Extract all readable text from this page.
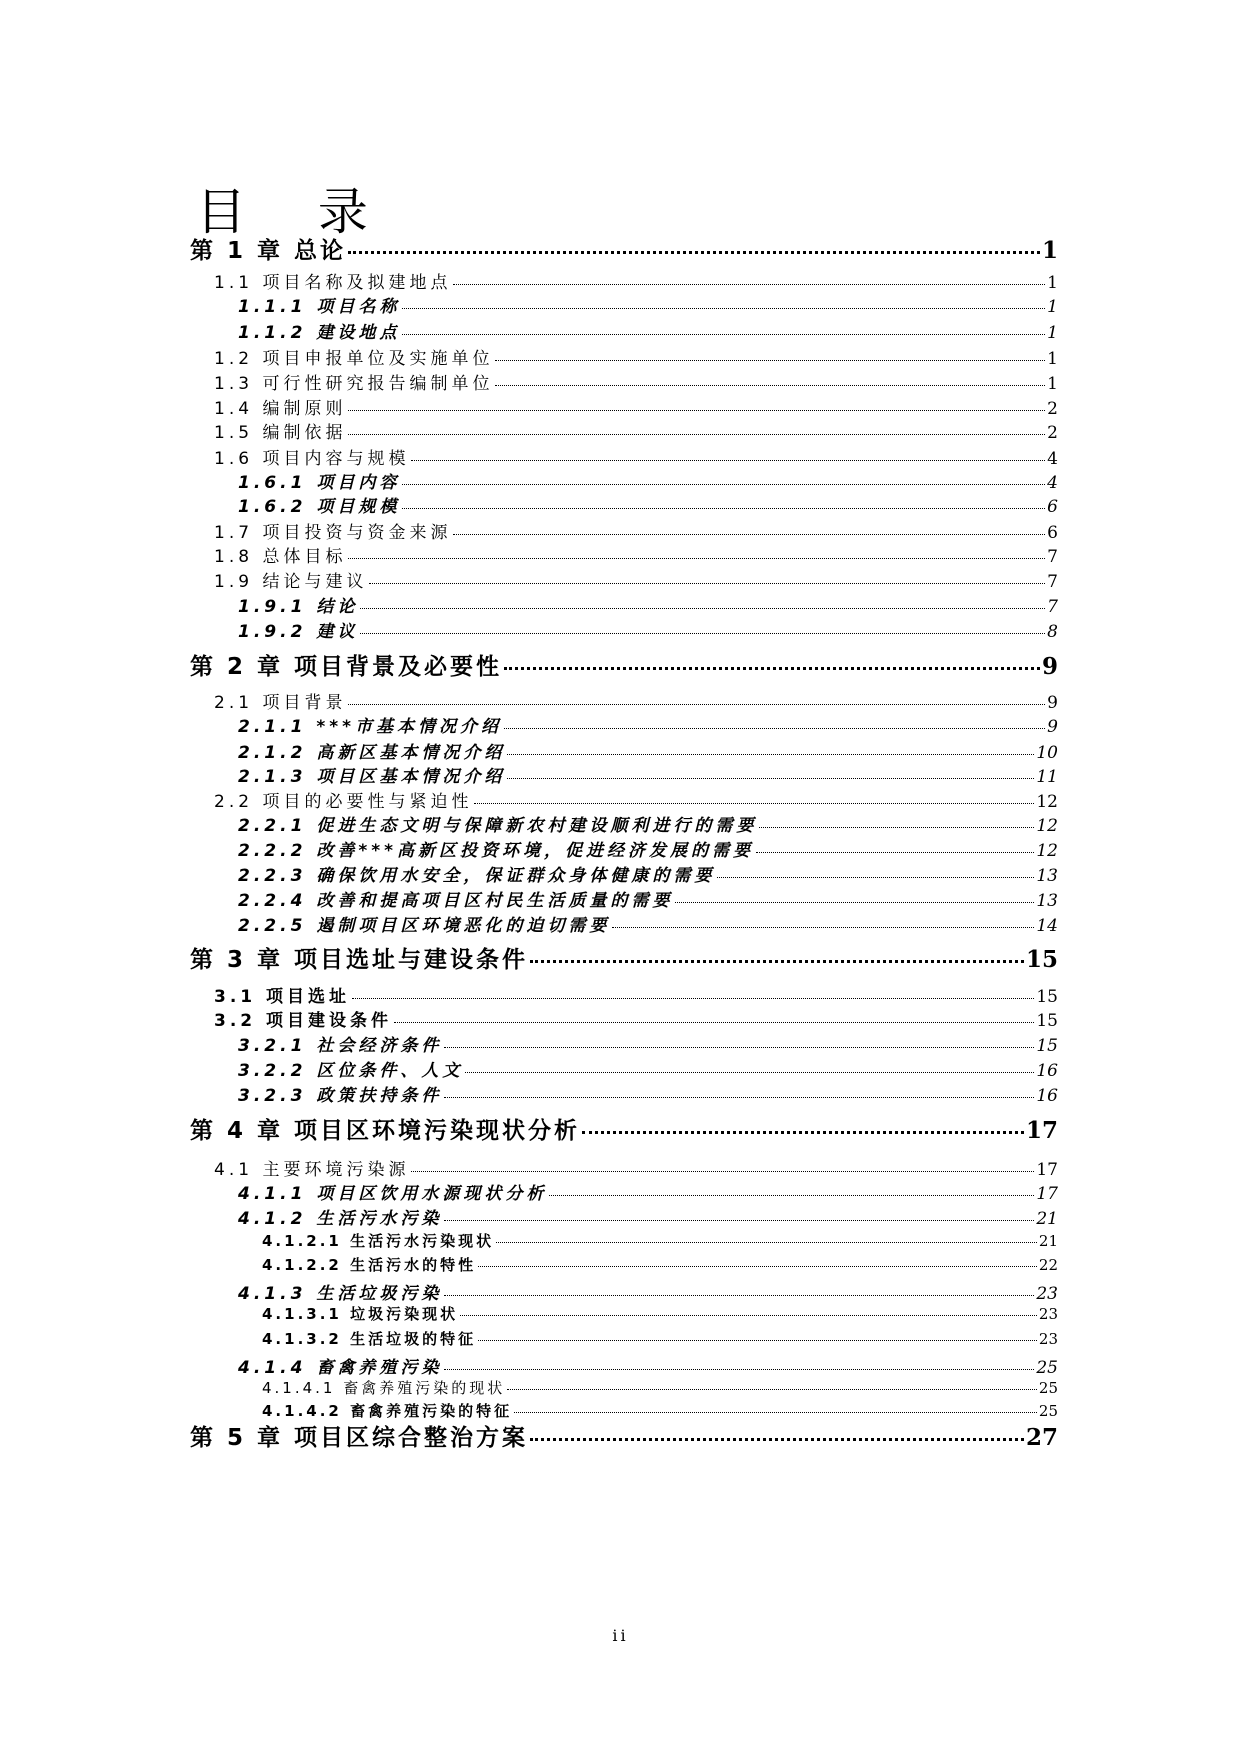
目 录
第 1 章 总论	1
1.1 项目名称及拟建地点	1
1.1.1 项目名称	1
1.1.2 建设地点	1
1.2 项目申报单位及实施单位	1
1.3 可行性研究报告编制单位	1
1.4 编制原则	2
1.5 编制依据	2
1.6 项目内容与规模	4
1.6.1 项目内容	4
1.6.2 项目规模	6
1.7 项目投资与资金来源	6
1.8 总体目标	7
1.9 结论与建议	7
1.9.1 结论	7
1.9.2 建议	8
第 2 章 项目背景及必要性	9
2.1 项目背景	9
2.1.1 ***市基本情况介绍	9
2.1.2 高新区基本情况介绍	10
2.1.3 项目区基本情况介绍	11
2.2 项目的必要性与紧迫性	12
2.2.1 促进生态文明与保障新农村建设顺利进行的需要	12
2.2.2 改善***高新区投资环境，促进经济发展的需要	12
2.2.3 确保饮用水安全，保证群众身体健康的需要	13
2.2.4 改善和提高项目区村民生活质量的需要	13
2.2.5 遏制项目区环境恶化的迫切需要	14
第 3 章 项目选址与建设条件	15
3.1 项目选址	15
3.2 项目建设条件	15
3.2.1 社会经济条件	15
3.2.2 区位条件、人文	16
3.2.3 政策扶持条件	16
第 4 章 项目区环境污染现状分析	17
4.1 主要环境污染源	17
4.1.1 项目区饮用水源现状分析	17
4.1.2 生活污水污染	21
4.1.2.1 生活污水污染现状	21
4.1.2.2 生活污水的特性	22
4.1.3 生活垃圾污染	23
4.1.3.1 垃圾污染现状	23
4.1.3.2 生活垃圾的特征	23
4.1.4 畜禽养殖污染	25
4.1.4.1 畜禽养殖污染的现状	25
4.1.4.2 畜禽养殖污染的特征	25
第 5 章 项目区综合整治方案	27
ii
